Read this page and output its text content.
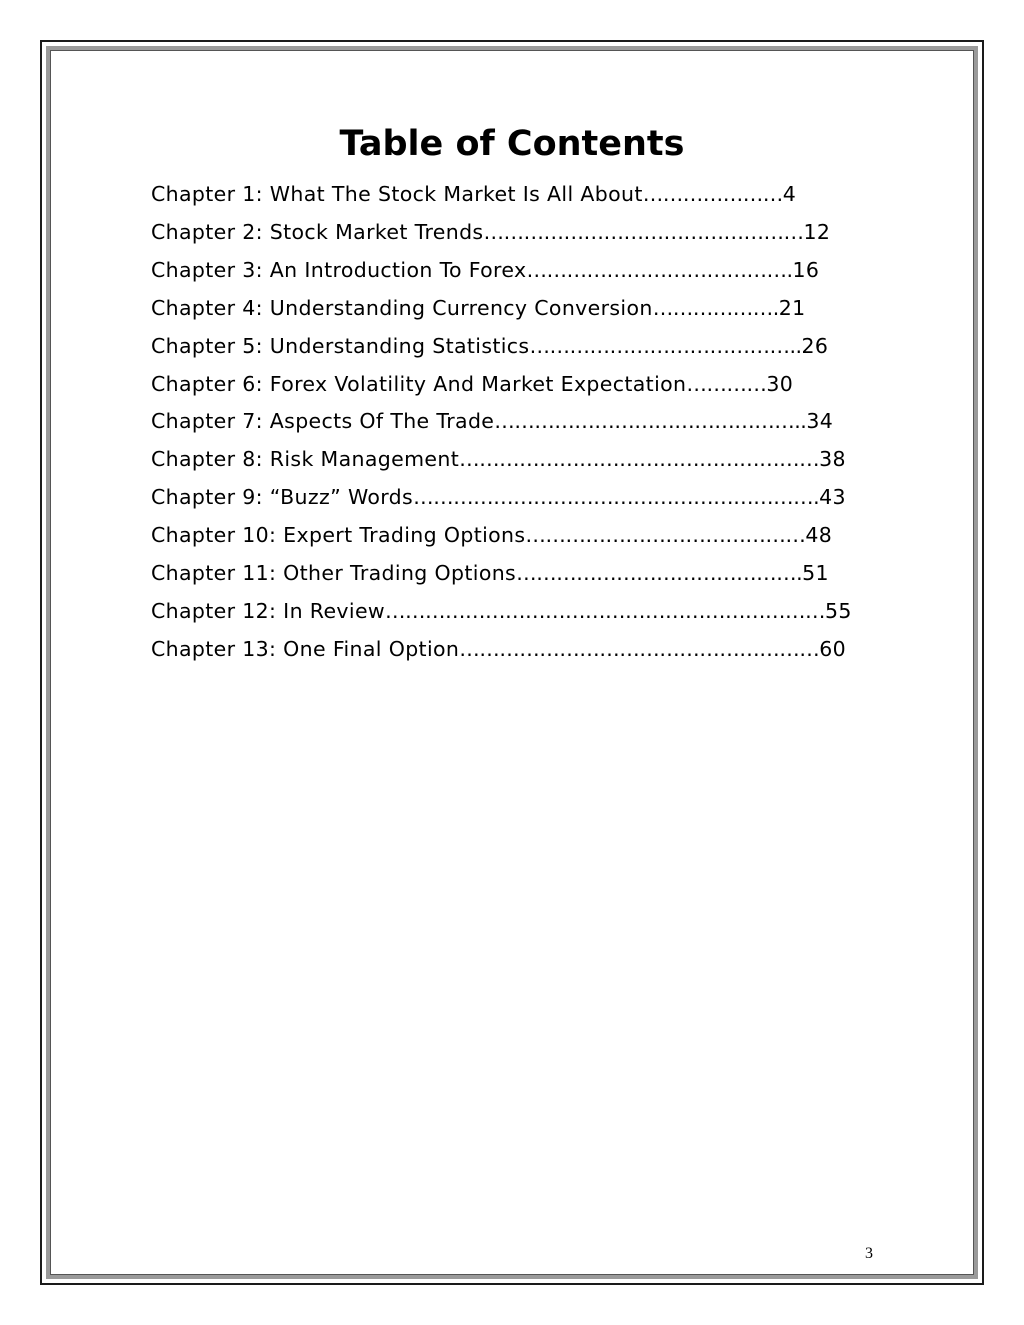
Table of Contents
Chapter 1: What The Stock Market Is All About…………………4
Chapter 2: Stock Market Trends…………………………………………12
Chapter 3: An Introduction To Forex………………………………….16
Chapter 4: Understanding Currency Conversion……………….21
Chapter 5: Understanding Statistics…………………………………..26
Chapter 6: Forex Volatility And Market Expectation…………30
Chapter 7: Aspects Of The Trade………………………………………..34
Chapter 8: Risk Management………………………………………………38
Chapter 9: “Buzz” Words…………………………………………………….43
Chapter 10: Expert Trading Options……………………………………48
Chapter 11: Other Trading Options…………………………………….51
Chapter 12: In Review…………………………………………………………55
Chapter 13: One Final Option………………………………………………60
3
